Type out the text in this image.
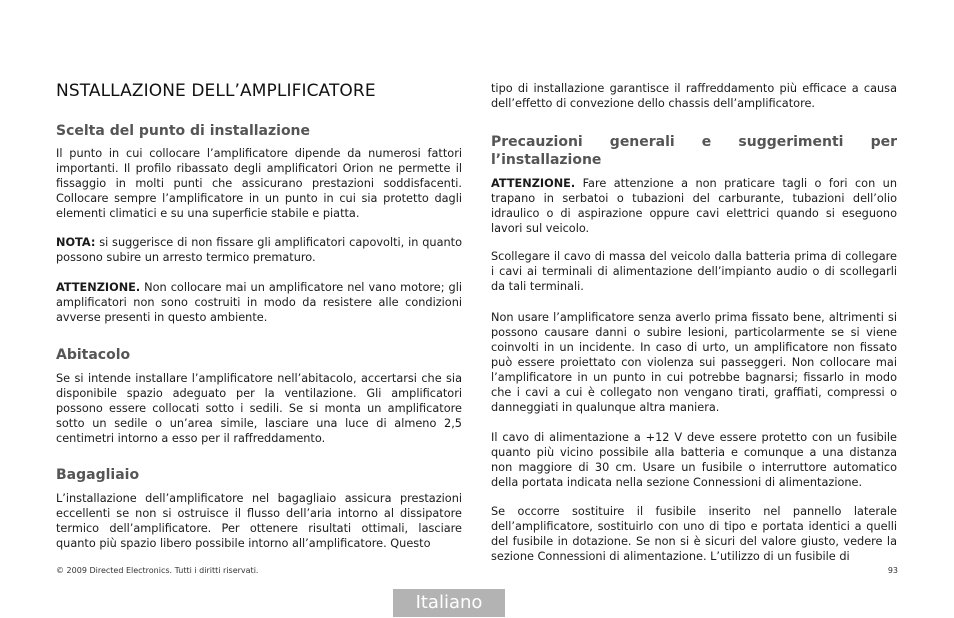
NSTALLAZIONE DELL’AMPLIFICATORE
Scelta del punto di installazione

Il punto in cui collocare l’amplificatore dipende da numerosi fattori importanti. Il profilo ribassato degli amplificatori Orion ne permette il fissaggio in molti punti che assicurano prestazioni soddisfacenti. Collocare sempre l’amplificatore in un punto in cui sia protetto dagli elementi climatici e su una superficie stabile e piatta.

NOTA: si suggerisce di non fissare gli amplificatori capovolti, in quanto possono subire un arresto termico prematuro.

ATTENZIONE. Non collocare mai un amplificatore nel vano motore; gli amplificatori non sono costruiti in modo da resistere alle condizioni avverse presenti in questo ambiente.

Abitacolo

Se si intende installare l’amplificatore nell’abitacolo, accertarsi che sia disponibile spazio adeguato per la ventilazione. Gli amplificatori possono essere collocati sotto i sedili. Se si monta un amplificatore sotto un sedile o un’area simile, lasciare una luce di almeno 2,5 centimetri intorno a esso per il raffreddamento.

Bagagliaio

L’installazione dell’amplificatore nel bagagliaio assicura prestazioni eccellenti se non si ostruisce il flusso dell’aria intorno al dissipatore termico dell’amplificatore. Per ottenere risultati ottimali, lasciare quanto più spazio libero possibile intorno all’amplificatore. Questo

tipo di installazione garantisce il raffreddamento più efficace a causa dell’effetto di convezione dello chassis dell’amplificatore.

Precauzioni generali e suggerimenti per l’installazione

ATTENZIONE. Fare attenzione a non praticare tagli o fori con un trapano in serbatoi o tubazioni del carburante, tubazioni dell’olio idraulico o di aspirazione oppure cavi elettrici quando si eseguono lavori sul veicolo.

Scollegare il cavo di massa del veicolo dalla batteria prima di collegare i cavi ai terminali di alimentazione dell’impianto audio o di scollegarli da tali terminali.

Non usare l’amplificatore senza averlo prima fissato bene, altrimenti si possono causare danni o subire lesioni, particolarmente se si viene coinvolti in un incidente. In caso di urto, un amplificatore non fissato può essere proiettato con violenza sui passeggeri. Non collocare mai l’amplificatore in un punto in cui potrebbe bagnarsi; fissarlo in modo che i cavi a cui è collegato non vengano tirati, graffiati, compressi o danneggiati in qualunque altra maniera.

Il cavo di alimentazione a +12 V deve essere protetto con un fusibile quanto più vicino possibile alla batteria e comunque a una distanza non maggiore di 30 cm. Usare un fusibile o interruttore automatico della portata indicata nella sezione Connessioni di alimentazione.

Se occorre sostituire il fusibile inserito nel pannello laterale dell’amplificatore, sostituirlo con uno di tipo e portata identici a quelli del fusibile in dotazione. Se non si è sicuri del valore giusto, vedere la sezione Connessioni di alimentazione. L’utilizzo di un fusibile di

© 2009 Directed Electronics. Tutti i diritti riservati.	93
Italiano
